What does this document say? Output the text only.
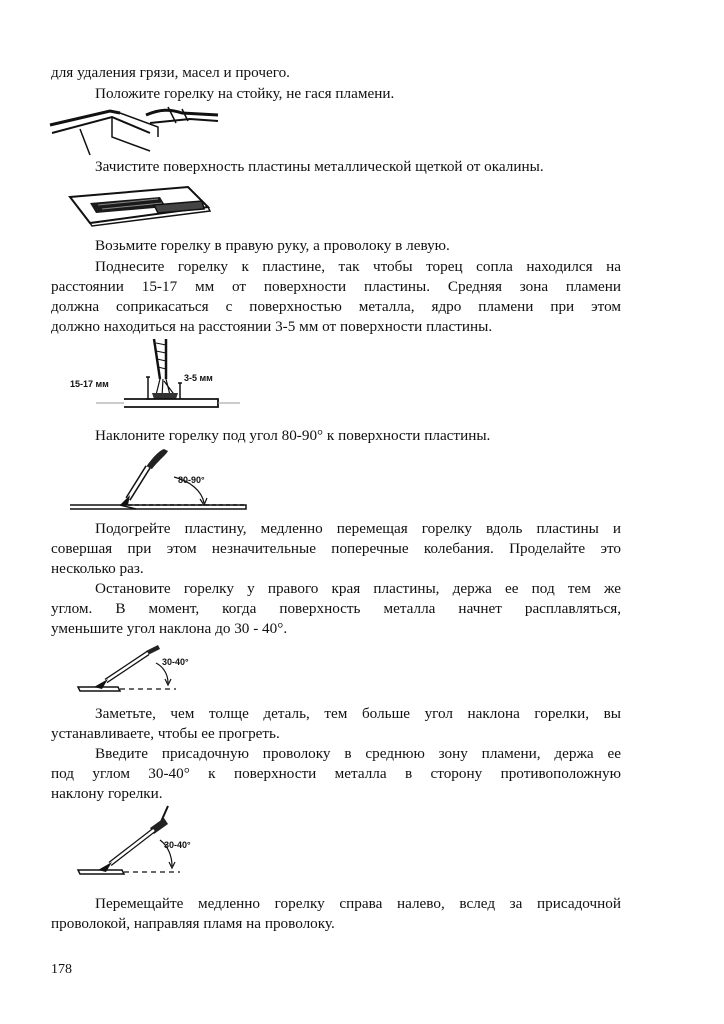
для удаления грязи, масел и прочего.
Положите горелку на стойку, не гася пламени.
Зачистите поверхность пластины металлической щеткой от окалины.
Возьмите горелку в правую руку, а проволоку в левую.
Поднесите горелку к пластине, так чтобы торец сопла находился на
расстоянии 15-17 мм от поверхности пластины. Средняя зона пламени
должна соприкасаться с поверхностью металла, ядро пламени при этом
должно находиться на расстоянии 3-5 мм от поверхности пластины.
15-17 мм
3-5 мм
Наклоните горелку под угол 80-90° к поверхности пластины.
80-90°
Подогрейте пластину, медленно перемещая горелку вдоль пластины и
совершая при этом незначительные поперечные колебания. Проделайте это
несколько раз.
Остановите горелку у правого края пластины, держа ее под тем же
углом. В момент, когда поверхность металла начнет расплавляться,
уменьшите угол наклона до 30 - 40°.
30-40°
Заметьте, чем толще деталь, тем больше угол наклона горелки, вы
устанавливаете, чтобы ее прогреть.
Введите присадочную проволоку в среднюю зону пламени, держа ее
под углом 30-40° к поверхности металла в сторону противоположную
наклону горелки.
30-40°
Перемещайте медленно горелку справа налево, вслед за присадочной
проволокой, направляя пламя на проволоку.
178
